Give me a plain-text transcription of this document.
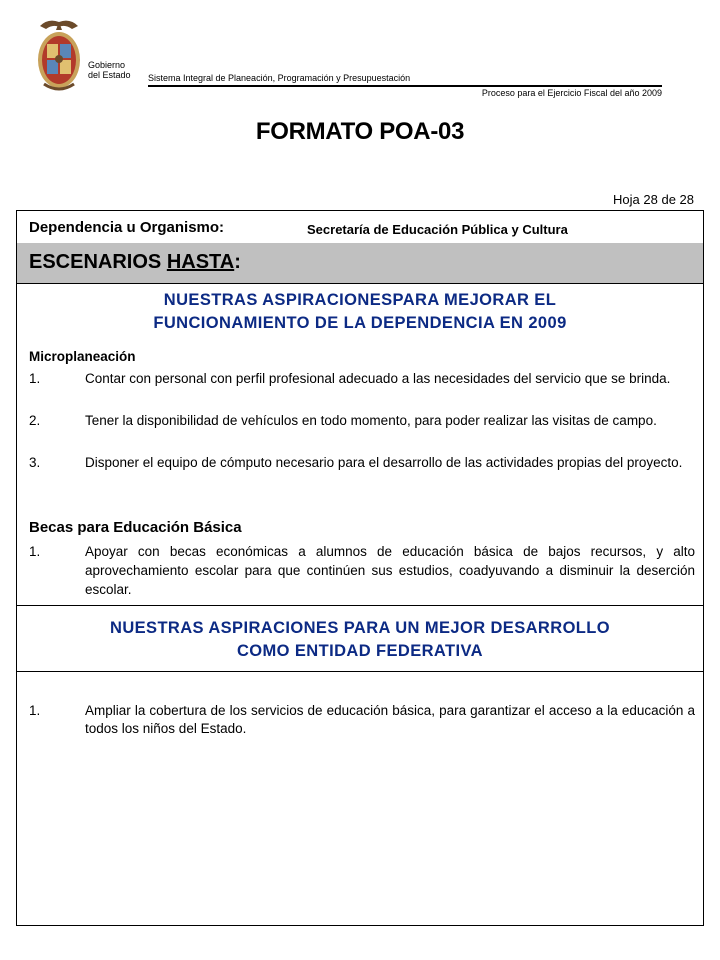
Gobierno
del Estado Sistema Integral de Planeación, Programación y Presupuestación
Proceso para el Ejercicio Fiscal del año 2009
FORMATO POA-03
Hoja 28 de 28
Dependencia u Organismo:	Secretaría de Educación Pública y Cultura
ESCENARIOS HASTA:
NUESTRAS ASPIRACIONESPARA MEJORAR EL
FUNCIONAMIENTO DE LA DEPENDENCIA EN 2009
Microplaneación
1.	Contar con personal con perfil profesional adecuado a las necesidades del servicio que se brinda.
2.	Tener la disponibilidad de vehículos en todo momento, para poder realizar las visitas de campo.
3.	Disponer el equipo de cómputo necesario para el desarrollo de las actividades propias del proyecto.
Becas para Educación Básica
1.	Apoyar con becas económicas a alumnos de educación básica de bajos recursos, y alto aprovechamiento escolar para que continúen sus estudios, coadyuvando a disminuir la deserción escolar.
NUESTRAS ASPIRACIONES PARA UN MEJOR DESARROLLO
COMO ENTIDAD FEDERATIVA
1.	Ampliar la cobertura de los servicios de educación básica, para garantizar el acceso a la educación a todos los niños del Estado.
